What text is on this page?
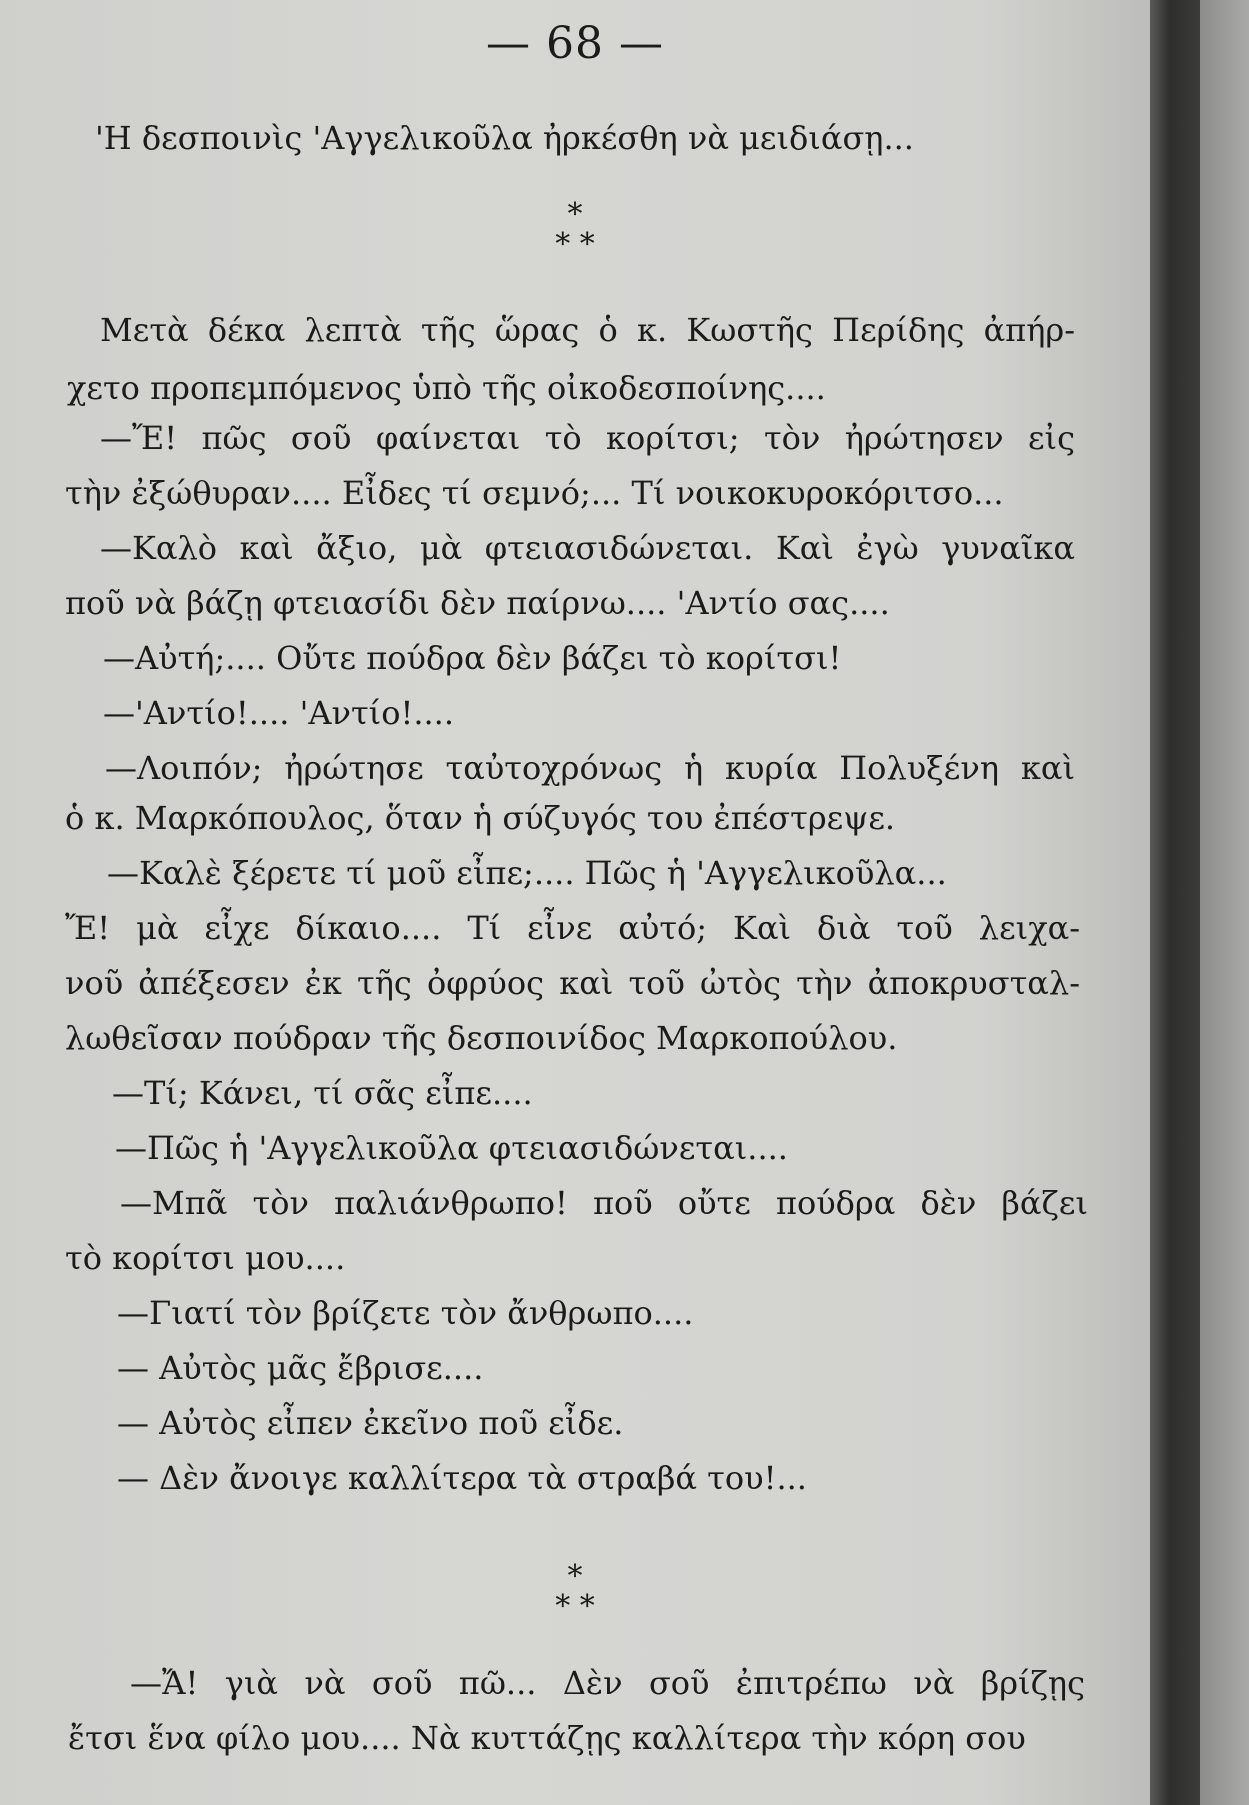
— 68 —
'Η δεσποινὶς 'Αγγελικοῦλα ἠρκέσθη νὰ μειδιάσῃ...
*
* *
Μετὰ δέκα λεπτὰ τῆς ὥρας ὁ κ. Κωστῆς Περίδης ἀπήρ-
χετο προπεμπόμενος ὑπὸ τῆς οἰκοδεσποίνης....
—Ἔ! πῶς σοῦ φαίνεται τὸ κορίτσι; τὸν ἠρώτησεν εἰς
τὴν ἐξώθυραν.... Εἶδες τί σεμνό;... Τί νοικοκυροκόριτσο...
—Καλὸ καὶ ἄξιο, μὰ φτειασιδώνεται. Καὶ ἐγὼ γυναῖκα
ποῦ νὰ βάζῃ φτειασίδι δὲν παίρνω.... 'Αντίο σας....
—Αὐτή;.... Οὔτε πούδρα δὲν βάζει τὸ κορίτσι!
—'Αντίο!.... 'Αντίο!....
—Λοιπόν; ἠρώτησε ταὐτοχρόνως ἡ κυρία Πολυξένη καὶ
ὁ κ. Μαρκόπουλος, ὅταν ἡ σύζυγός του ἐπέστρεψε.
—Καλὲ ξέρετε τί μοῦ εἶπε;.... Πῶς ἡ 'Αγγελικοῦλα...
Ἔ! μὰ εἶχε δίκαιο.... Τί εἶνε αὐτό; Καὶ διὰ τοῦ λειχα-
νοῦ ἀπέξεσεν ἐκ τῆς ὀφρύος καὶ τοῦ ὠτὸς τὴν ἀποκρυσταλ-
λωθεῖσαν πούδραν τῆς δεσποινίδος Μαρκοπούλου.
—Τί; Κάνει, τί σᾶς εἶπε....
—Πῶς ἡ 'Αγγελικοῦλα φτειασιδώνεται....
—Μπᾶ τὸν παλιάνθρωπο! ποῦ οὔτε πούδρα δὲν βάζει
τὸ κορίτσι μου....
—Γιατί τὸν βρίζετε τὸν ἄνθρωπο....
— Αὐτὸς μᾶς ἔβρισε....
— Αὐτὸς εἶπεν ἐκεῖνο ποῦ εἶδε.
— Δὲν ἄνοιγε καλλίτερα τὰ στραβά του!...
*
* *
—Ἄ! γιὰ νὰ σοῦ πῶ... Δὲν σοῦ ἐπιτρέπω νὰ βρίζῃς
ἔτσι ἕνα φίλο μου.... Νὰ κυττάζῃς καλλίτερα τὴν κόρη σου
